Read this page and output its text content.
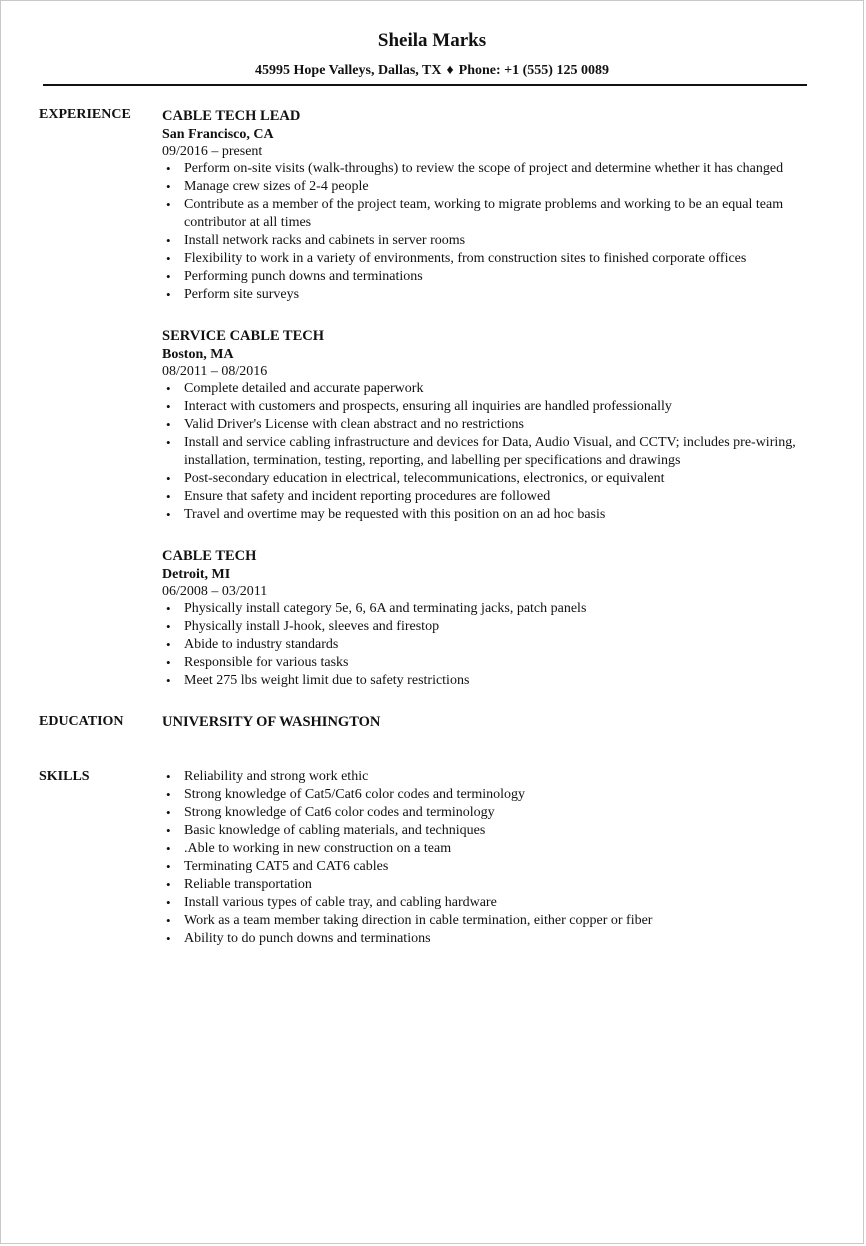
Sheila Marks
45995 Hope Valleys, Dallas, TX ♦ Phone: +1 (555) 125 0089
EXPERIENCE	CABLE TECH LEAD
San Francisco, CA
09/2016 – present
• Perform on-site visits (walk-throughs) to review the scope of project and determine whether it has changed
• Manage crew sizes of 2-4 people
• Contribute as a member of the project team, working to migrate problems and working to be an equal team contributor at all times
• Install network racks and cabinets in server rooms
• Flexibility to work in a variety of environments, from construction sites to finished corporate offices
• Performing punch downs and terminations
• Perform site surveys
SERVICE CABLE TECH
Boston, MA
08/2011 – 08/2016
• Complete detailed and accurate paperwork
• Interact with customers and prospects, ensuring all inquiries are handled professionally
• Valid Driver's License with clean abstract and no restrictions
• Install and service cabling infrastructure and devices for Data, Audio Visual, and CCTV; includes pre-wiring, installation, termination, testing, reporting, and labelling per specifications and drawings
• Post-secondary education in electrical, telecommunications, electronics, or equivalent
• Ensure that safety and incident reporting procedures are followed
• Travel and overtime may be requested with this position on an ad hoc basis
CABLE TECH
Detroit, MI
06/2008 – 03/2011
• Physically install category 5e, 6, 6A and terminating jacks, patch panels
• Physically install J-hook, sleeves and firestop
• Abide to industry standards
• Responsible for various tasks
• Meet 275 lbs weight limit due to safety restrictions
EDUCATION	UNIVERSITY OF WASHINGTON
SKILLS	• Reliability and strong work ethic
• Strong knowledge of Cat5/Cat6 color codes and terminology
• Strong knowledge of Cat6 color codes and terminology
• Basic knowledge of cabling materials, and techniques
• .Able to working in new construction on a team
• Terminating CAT5 and CAT6 cables
• Reliable transportation
• Install various types of cable tray, and cabling hardware
• Work as a team member taking direction in cable termination, either copper or fiber
• Ability to do punch downs and terminations
